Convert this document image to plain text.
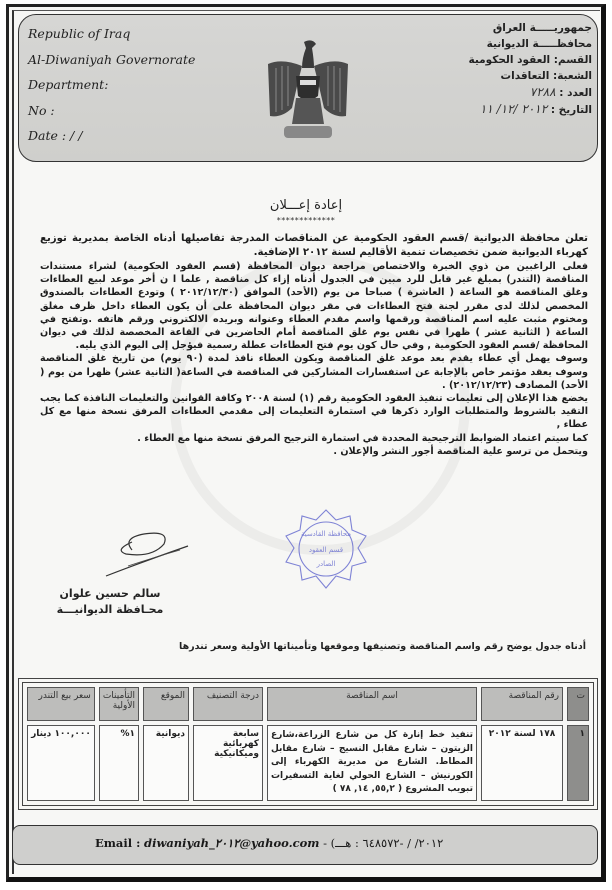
Republic of Iraq
Al-Diwaniyah Governorate
Department:
No :
Date : / /
جمهوريـــــة العراق
محافظـــــة الديوانية
القسم: العقود الحكومية
الشعبة: التعاقدات
العدد : ٧٢٨٨
التاريخ : ٢٠١٢ /١٢/ ١١
إعادة إعـــلان
*************

تعلن محافظة الديوانية /قسم العقود الحكومية عن المناقصات المدرجة تفاصيلها أدناه الخاصة بمديرية توزيع كهرباء الديوانية ضمن تخصيصات تنمية الأقاليم لسنة ٢٠١٢ الإضافية.

فعلى الراغبين من ذوي الخبرة والاختصاص مراجعة ديوان المحافظة (قسم العقود الحكومية) لشراء مستندات المناقصة (التندر) بمبلغ غير قابل للرد مبين في الجدول أدناه إزاء كل مناقصة , علما ا ن أخر موعد لبيع العطاءات وغلق المناقصة هو الساعة ( العاشرة ) صباحا من يوم (الأحد) الموافق (٢٠١٢/١٢/٣٠ ) وتودع العطاءات بالصندوق المخصص لذلك لدى مقرر لجنة فتح العطاءات في مقر ديوان المحافظة على أن يكون العطاء داخل ظرف مغلق ومختوم مثبت عليه اسم المناقصة ورقمها واسم مقدم العطاء وعنوانه وبريده الالكتروني ورقم هاتفه .وتفتح في الساعة ( الثانية عشر ) ظهرا في نفس يوم غلق المناقصة أمام الحاضرين في القاعة المخصصة لذلك في ديوان المحافظة /قسم العقود الحكومية , وفي حال كون يوم فتح العطاءات عطلة رسمية فيؤجل إلى اليوم الذي يليه.

وسوف يهمل أي عطاء يقدم بعد موعد غلق المناقصة ويكون العطاء نافذ لمدة (٩٠ يوم) من تاريخ غلق المناقصة وسوف يعقد مؤتمر خاص بالإجابة عن استفسارات المشاركين في المناقصة في الساعة( الثانية عشر) ظهرا من يوم ( الأحد) المصادف (٢٠١٢/١٢/٢٣) .

يخضع هذا الإعلان إلى تعليمات تنفيذ العقود الحكومية رقم (١) لسنة ٢٠٠٨ وكافة القوانين والتعليمات النافذة كما يجب التقيد بالشروط والمتطلبات الوارد ذكرها في استمارة التعليمات إلى مقدمي العطاءات المرفق نسخة منها مع كل عطاء ,

كما سيتم اعتماد الضوابط الترجيحية المحددة في استمارة الترجيح المرفق نسخة منها مع العطاء .

ويتحمل من ترسو علية المناقصة أجور النشر والإعلان .

سالم حسين علوان
محـافظة الديوانيـــة
محافظة القادسية
قسم العقود
الصادر
أدناه جدول يوضح رقم واسم المناقصة وتصنيفها وموقعها وتأميناتها الأولية وسعر تندرها
ت	رقم المناقصة	اسم المناقصة	درجة التصنيف	الموقع	التأمينات الأولية	سعر بيع التندر
١	١٧٨ لسنة ٢٠١٢	تنفيذ خط إنارة كل من شارع الزراعة،شارع الزيتون – شارع مقابل النسيج – شارع مقابل المطاط. الشارع من مديرية الكهرباء إلى الكورنيش – الشارع الحولي لغاية التسفيرات تبويب المشروع ( ٥٥,٢, ١٤, ٧٨ )	سابعة كهربائية وميكانيكية	ديوانية	١%	١٠٠,٠٠٠ دينار
Email : diwaniyah_٢٠١٢@yahoo.com - (٢٠١٢/ / -٦٤٨٥٧٢ : هـــ
